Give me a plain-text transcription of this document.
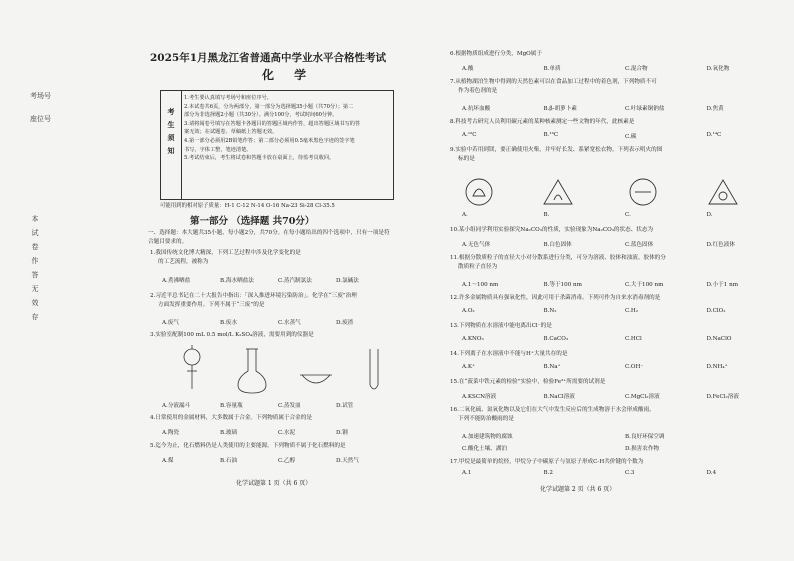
考场号
座位号
本
试
卷
作
答
无
效
存
2025年1月黑龙江省普通高中学业水平合格性考试
化 学
考
生
须
知
1.考生要认真填写考场号和座位序号。
2.本试卷共6页，分为两部分，第一部分为选择题35小题（共70分）；第二
部分为非选择题2小题（共30分）。满分100分，考试时间60分钟。
3.请将阅卷号填写在答题卡各题目的答题区域内作答，超出答题区域书写的答
案无效；在试题卷、草稿纸上答题无效。
4.第一部分必须用2B铅笔作答；第二部分必须用0.5毫米黑色字迹的签字笔
书写，字体工整，笔迹清楚。
5.考试结束后，考生将试卷和答题卡放在桌面上，待监考员收回。
可能用到的相对原子质量：H-1 C-12 N-14 O-16 Na-23 Si-28 Cl-35.5
第一部分 （选择题 共70分）
一、选择题：本大题共35小题，每小题2分，共70分。在每小题给出的四个选项中，只有一项是符合题目要求的。
1.我国传统文化博大精深，下列工艺过程中涉及化学变化的是
的工艺流程，被称为
A.煮沸晒盐	B.海水晒盐法	C.蒸汽制氯法	D.氯碱法
2.习近平总书记在二十大报告中指出：「深入推进环境污染防治」。化学在“三废”治理
方面发挥重要作用。下列不属于“三废”的是
A.废气	B.废水	C.水蒸气	D.废渣
3.实验室配制100 mL 0.5 mol/L K₂SO₄溶液，需要用到的仪器是
A.分液漏斗	B.容量瓶	C.蒸发皿	D.试管
4.日常使用的金属材料，大多数属于合金。下列物质属于合金的是
A.陶瓷	B.玻璃	C.水泥	D.钢
5.迄今为止，化石燃料仍是人类使用的主要能源。下列物质不属于化石燃料的是
A.煤	B.石油	C.乙醇	D.天然气
化学试题第 1 页（共 6 页）
6.根据物质组成进行分类，MgO属于
A.酸	B.单质	C.混合物	D.氧化物
7.从植物湖泊生物中得到的天然色素可以在食品加工过程中的着色剂，下列物质不可
作为着色剂的是
A.抗坏血酸	B.β-胡萝卜素	C.叶绿素铜钠盐	D.焦黄
8.科技考古研究人员利用碳元素的某种核素测定一些文物的年代，此核素是
A.¹²C	B.¹³C	C.碳	D.¹⁴C
9.实验中若用到镁，要正确使用火柴，并牢好长发、系紧宽松衣物。下列表示明火的图
标的是
A.	B.	C.	D.
10.某小组同学利用实验探究Na₂CO₃的性质，实验现象为Na₂CO₃的状态、状态为
A.无色气体	B.白色固体	C.蓝色固体	D.红色液体
11.根据分散质粒子的直径大小对分散系进行分类，可分为溶液、胶体和浊液。胶体的分
散质粒子直径为
A.1～100 nm	B.等于100 nm	C.大于100 nm	D.小于1 nm
12.许多金属物质具有强氧化性，因此可用于杀菌消毒。下列可作为自来水消毒剂的是
A.O₂	B.N₂	C.H₂	D.ClO₂
13.下列物质在水溶液中能电离出Cl⁻的是
A.KNO₃	B.CaCO₃	C.HCl	D.NaClO
14.下列离子在水溶液中不能与H⁺大量共存的是
A.K⁺	B.Na⁺	C.OH⁻	D.NH₄⁺
15.在“菠菜中铁元素的检验”实验中，检验Fe³⁺所需要的试剂是
A.KSCN溶液	B.NaCl溶液	C.MgCl₂溶液	D.FeCl₂溶液
16.二氧化硫、氮氧化物以及它们在大气中发生反应后的生成物溶于水会形成酸雨，
下列不能防治酸雨的是
A.加速建筑物的腐蚀	B.良好环保空调
C.酸化土壤、湖泊	D.损害农作物
17.甲烷是最简单的烷烃，甲烷分子中碳原子与氢原子形成C-H共价键的个数为
A.1	B.2	C.3	D.4
化学试题第 2 页（共 6 页）
